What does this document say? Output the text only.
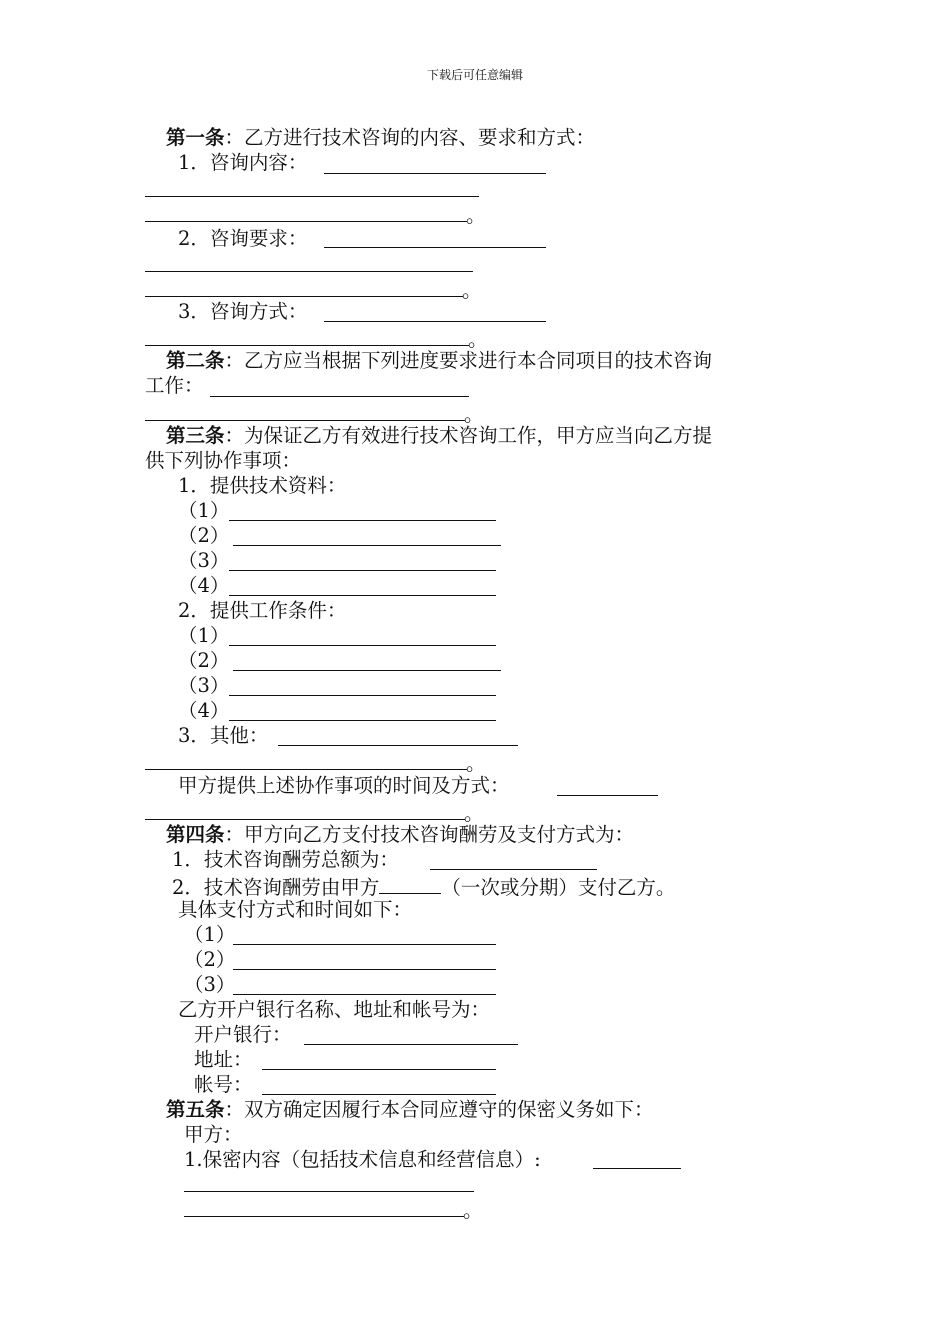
下载后可任意编辑
第一条：乙方进行技术咨询的内容、要求和方式：
1．咨询内容：
。
2．咨询要求：
。
3．咨询方式：
。
第二条：乙方应当根据下列进度要求进行本合同项目的技术咨询
工作：
。
第三条：为保证乙方有效进行技术咨询工作，甲方应当向乙方提
供下列协作事项：
1．提供技术资料：
（1）
（2）
（3）
（4）
2．提供工作条件：
（1）
（2）
（3）
（4）
3．其他：
。
甲方提供上述协作事项的时间及方式：
。
第四条：甲方向乙方支付技术咨询酬劳及支付方式为：
1．技术咨询酬劳总额为：
2．技术咨询酬劳由甲方	（一次或分期）支付乙方。
具体支付方式和时间如下：
（1）
（2）
（3）
乙方开户银行名称、地址和帐号为：
开户银行：
地址：
帐号：
第五条：双方确定因履行本合同应遵守的保密义务如下：
甲方：
1.保密内容（包括技术信息和经营信息）:
。
